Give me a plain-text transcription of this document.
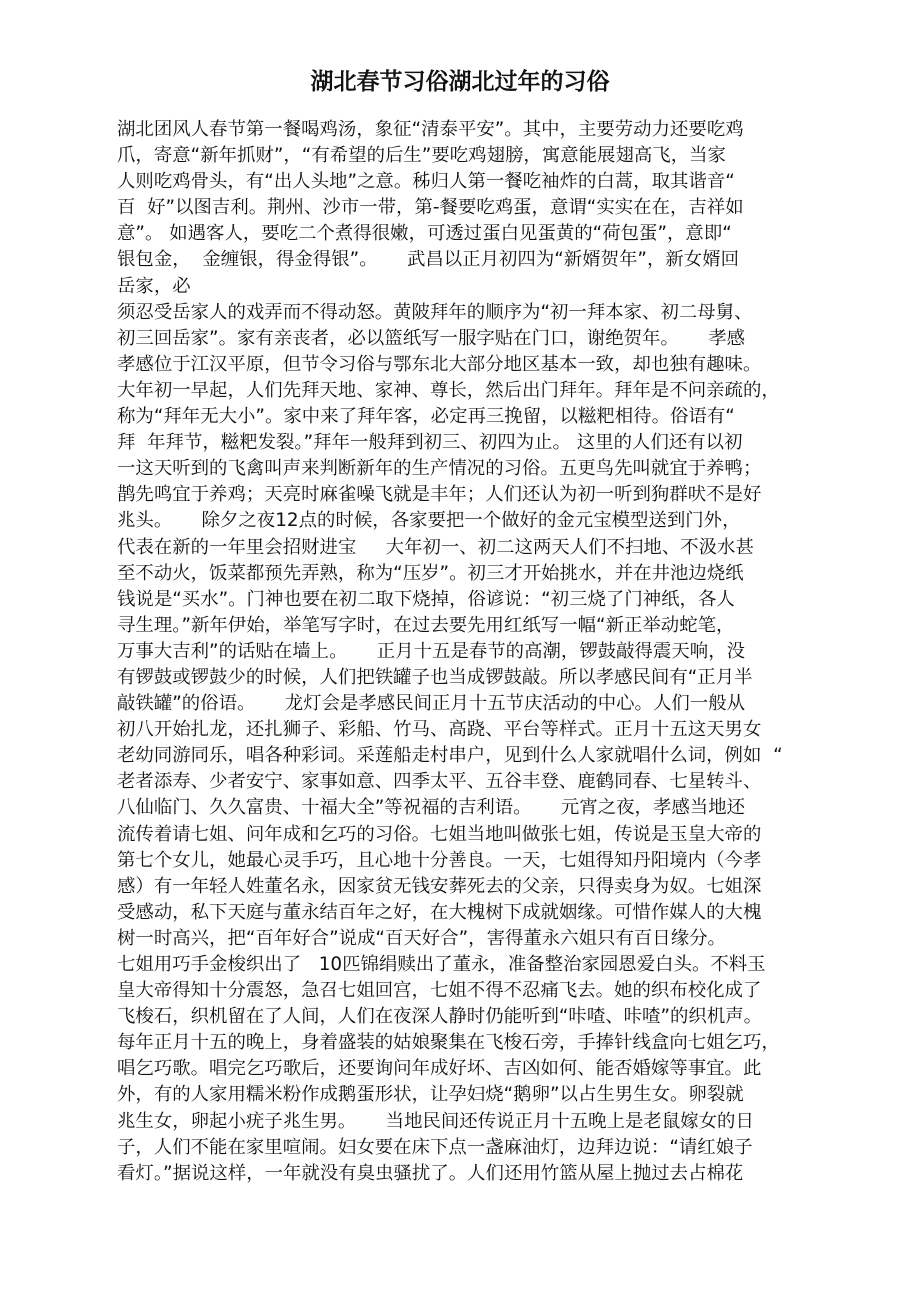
湖北春节习俗湖北过年的习俗
湖北团风人春节第一餐喝鸡汤，象征“清泰平安”。其中，主要劳动力还要吃鸡
爪，寄意“新年抓财”，“有希望的后生”要吃鸡翅膀，寓意能展翅高飞，当家
人则吃鸡骨头，有“出人头地”之意。秭归人第一餐吃袖炸的白蒿，取其谐音“
百  好”以图吉利。荆州、沙市一带，第-餐要吃鸡蛋，意谓“实实在在，吉祥如
意”。 如遇客人，要吃二个煮得很嫩，可透过蛋白见蛋黄的“荷包蛋”，意即“
银包金，  金缠银，得金得银”。     武昌以正月初四为“新婿贺年”，新女婿回
岳家，必
须忍受岳家人的戏弄而不得动怒。黄陂拜年的顺序为“初一拜本家、初二母舅、
初三回岳家”。家有亲丧者，必以篮纸写一服字贴在门口，谢绝贺年。     孝感
孝感位于江汉平原，但节令习俗与鄂东北大部分地区基本一致，却也独有趣味。
大年初一早起，人们先拜天地、家神、尊长，然后出门拜年。拜年是不问亲疏的，
称为“拜年无大小”。家中来了拜年客，必定再三挽留，以糍粑相待。俗语有“
拜  年拜节，糍粑发裂。”拜年一般拜到初三、初四为止。 这里的人们还有以初
一这天听到的飞禽叫声来判断新年的生产情况的习俗。五更鸟先叫就宜于养鸭；
鹊先鸣宜于养鸡；天亮时麻雀噪飞就是丰年；人们还认为初一听到狗群吠不是好
兆头。     除夕之夜12点的时候，各家要把一个做好的金元宝模型送到门外，
代表在新的一年里会招财进宝     大年初一、初二这两天人们不扫地、不汲水甚
至不动火，饭菜都预先弄熟，称为“压岁”。初三才开始挑水，并在井池边烧纸
钱说是“买水”。门神也要在初二取下烧掉，俗谚说：“初三烧了门神纸，各人
寻生理。”新年伊始，举笔写字时，在过去要先用红纸写一幅“新正举动蛇笔，
万事大吉利”的话贴在墙上。     正月十五是春节的高潮，锣鼓敲得震天响，没
有锣鼓或锣鼓少的时候，人们把铁罐子也当成锣鼓敲。所以孝感民间有“正月半
敲铁罐”的俗语。     龙灯会是孝感民间正月十五节庆活动的中心。人们一般从
初八开始扎龙，还扎狮子、彩船、竹马、高跷、平台等样式。正月十五这天男女
老幼同游同乐，唱各种彩词。采莲船走村串户，见到什么人家就唱什么词，例如  “
老者添寿、少者安宁、家事如意、四季太平、五谷丰登、鹿鹤同春、七星转斗、
八仙临门、久久富贵、十福大全”等祝福的吉利语。     元宵之夜，孝感当地还
流传着请七姐、问年成和乞巧的习俗。七姐当地叫做张七姐，传说是玉皇大帝的
第七个女儿，她最心灵手巧，且心地十分善良。一天，七姐得知丹阳境内（今孝
感）有一年轻人姓董名永，因家贫无钱安葬死去的父亲，只得卖身为奴。七姐深
受感动，私下天庭与董永结百年之好，在大槐树下成就姻缘。可惜作媒人的大槐
树一时高兴，把“百年好合”说成“百天好合”，害得董永六姐只有百日缘分。
七姐用巧手金梭织出了   10匹锦绢赎出了董永，准备整治家园恩爱白头。不料玉
皇大帝得知十分震怒，急召七姐回宫，七姐不得不忍痛飞去。她的织布校化成了
飞梭石，织机留在了人间，人们在夜深人静时仍能听到“咔喳、咔喳”的织机声。
每年正月十五的晚上，身着盛装的姑娘聚集在飞梭石旁，手捧针线盒向七姐乞巧，
唱乞巧歌。唱完乞巧歌后，还要询问年成好坏、吉凶如何、能否婚嫁等事宜。此
外，有的人家用糯米粉作成鹅蛋形状，让孕妇烧“鹅卵”以占生男生女。卵裂就
兆生女，卵起小疣子兆生男。     当地民间还传说正月十五晚上是老鼠嫁女的日
子，人们不能在家里喧闹。妇女要在床下点一盏麻油灯，边拜边说：“请红娘子
看灯。”据说这样，一年就没有臭虫骚扰了。人们还用竹篮从屋上抛过去占棉花
